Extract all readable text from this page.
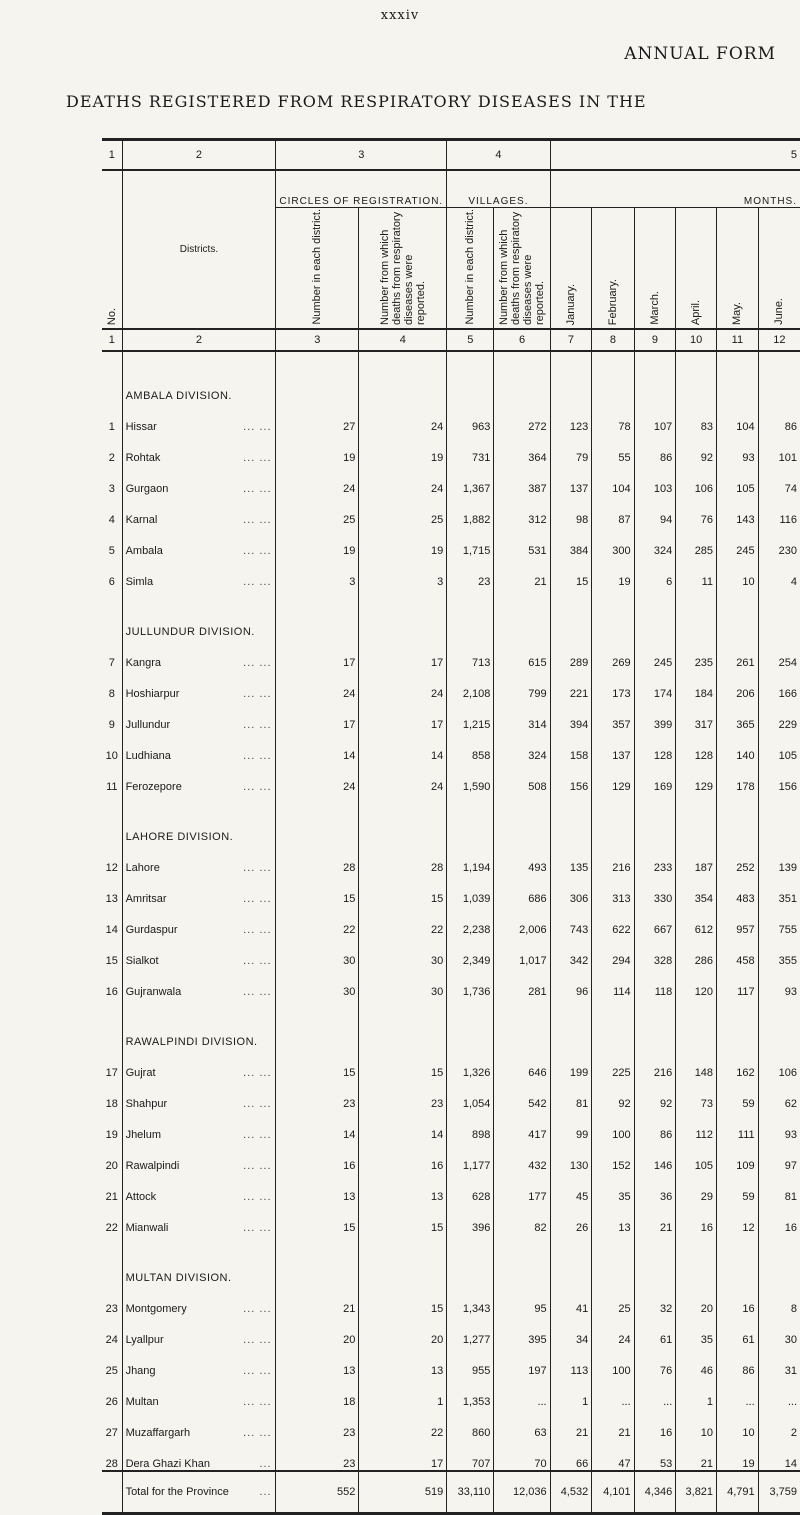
xxxiv
ANNUAL FORM
DEATHS REGISTERED FROM RESPIRATORY DISEASES IN THE
1	2	3		4		5					
No.	Districts.	CIRCLES OF REGISTRATION.		VILLAGES.		MONTHS.					
		Number in each district.	Number from which deaths from respiratory diseases were reported.	Number in each district.	Number from which deaths from respiratory diseases were reported.	January.	February.	March.	April.	May.	June.
1	2	3	4	5	6	7	8	9	10	11	12
	AMBALA DIVISION.										
1	Hissar ... ...	27	24	963	272	123	78	107	83	104	86
2	Rohtak ... ...	19	19	731	364	79	55	86	92	93	101
3	Gurgaon ... ...	24	24	1,367	387	137	104	103	106	105	74
4	Karnal ... ...	25	25	1,882	312	98	87	94	76	143	116
5	Ambala ... ...	19	19	1,715	531	384	300	324	285	245	230
6	Simla ... ...	3	3	23	21	15	19	6	11	10	4
	JULLUNDUR DIVISION.										
7	Kangra ... ...	17	17	713	615	289	269	245	235	261	254
8	Hoshiarpur ... ...	24	24	2,108	799	221	173	174	184	206	166
9	Jullundur ... ...	17	17	1,215	314	394	357	399	317	365	229
10	Ludhiana ... ...	14	14	858	324	158	137	128	128	140	105
11	Ferozepore ... ...	24	24	1,590	508	156	129	169	129	178	156
	LAHORE DIVISION.										
12	Lahore ... ...	28	28	1,194	493	135	216	233	187	252	139
13	Amritsar ... ...	15	15	1,039	686	306	313	330	354	483	351
14	Gurdaspur ... ...	22	22	2,238	2,006	743	622	667	612	957	755
15	Sialkot ... ...	30	30	2,349	1,017	342	294	328	286	458	355
16	Gujranwala ... ...	30	30	1,736	281	96	114	118	120	117	93
	RAWALPINDI DIVISION.										
17	Gujrat ... ...	15	15	1,326	646	199	225	216	148	162	106
18	Shahpur ... ...	23	23	1,054	542	81	92	92	73	59	62
19	Jhelum ... ...	14	14	898	417	99	100	86	112	111	93
20	Rawalpindi ... ...	16	16	1,177	432	130	152	146	105	109	97
21	Attock ... ...	13	13	628	177	45	35	36	29	59	81
22	Mianwali ... ...	15	15	396	82	26	13	21	16	12	16
	MULTAN DIVISION.										
23	Montgomery ... ...	21	15	1,343	95	41	25	32	20	16	8
24	Lyallpur ... ...	20	20	1,277	395	34	24	61	35	61	30
25	Jhang ... ...	13	13	955	197	113	100	76	46	86	31
26	Multan ... ...	18	1	1,353	...	1	...	...	1	...	...
27	Muzaffargarh ... ...	23	22	860	63	21	21	16	10	10	2
28	Dera Ghazi Khan ...	23	17	707	70	66	47	53	21	19	14

	Total for the Province ...	552	519	33,110	12,036	4,532	4,101	4,346	3,821	4,791	3,759
